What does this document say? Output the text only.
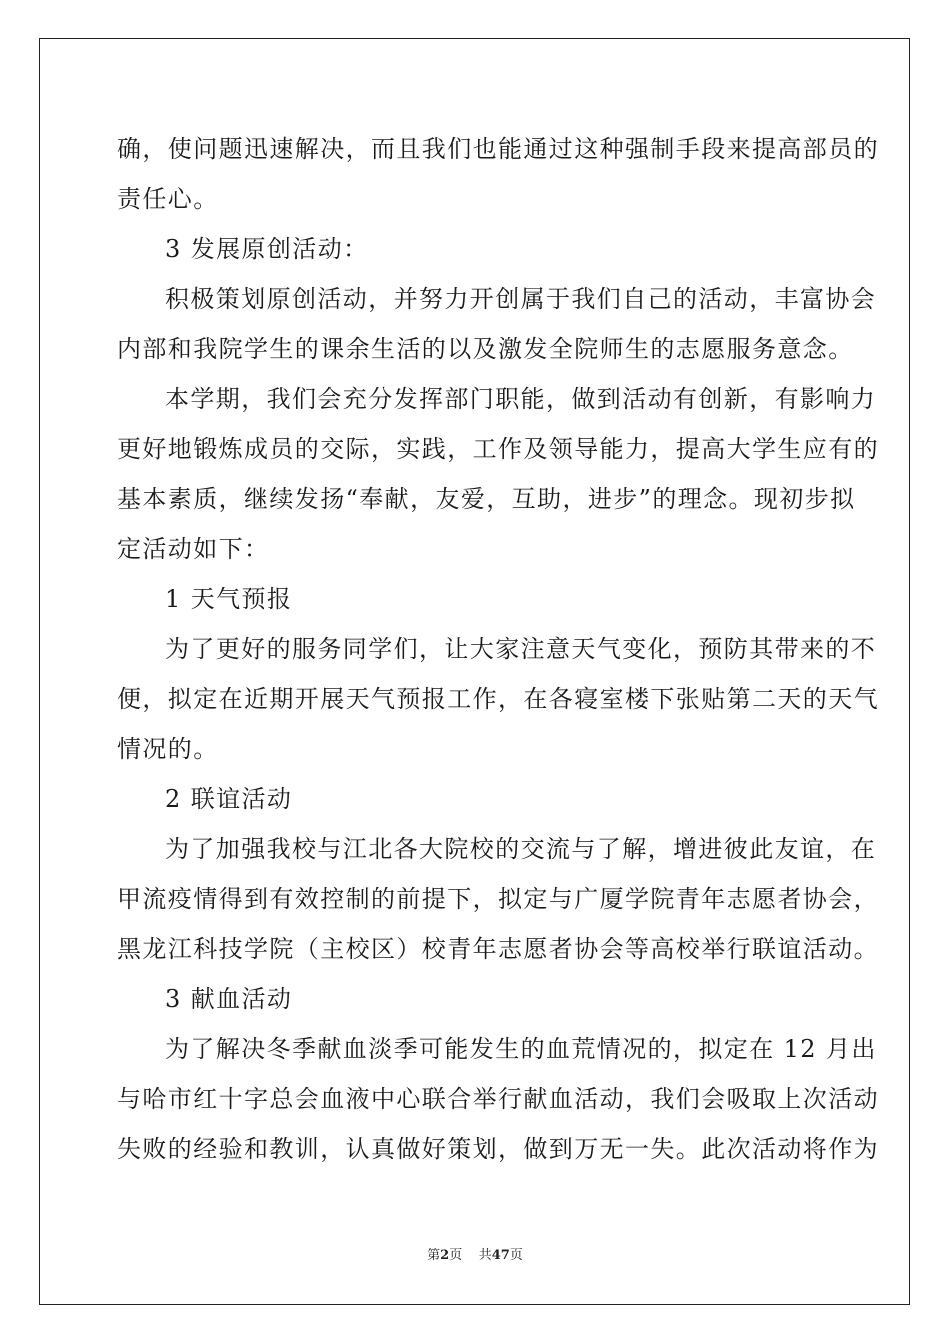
确，使问题迅速解决，而且我们也能通过这种强制手段来提高部员的
责任心。
3 发展原创活动：
积极策划原创活动，并努力开创属于我们自己的活动，丰富协会
内部和我院学生的课余生活的以及激发全院师生的志愿服务意念。
本学期，我们会充分发挥部门职能，做到活动有创新，有影响力
更好地锻炼成员的交际，实践，工作及领导能力，提高大学生应有的
基本素质，继续发扬“奉献，友爱，互助，进步”的理念。现初步拟
定活动如下：
1 天气预报
为了更好的服务同学们，让大家注意天气变化，预防其带来的不
便，拟定在近期开展天气预报工作，在各寝室楼下张贴第二天的天气
情况的。
2 联谊活动
为了加强我校与江北各大院校的交流与了解，增进彼此友谊，在
甲流疫情得到有效控制的前提下，拟定与广厦学院青年志愿者协会，
黑龙江科技学院（主校区）校青年志愿者协会等高校举行联谊活动。
3 献血活动
为了解决冬季献血淡季可能发生的血荒情况的，拟定在 12 月出
与哈市红十字总会血液中心联合举行献血活动，我们会吸取上次活动
失败的经验和教训，认真做好策划，做到万无一失。此次活动将作为
第2页 共47页
